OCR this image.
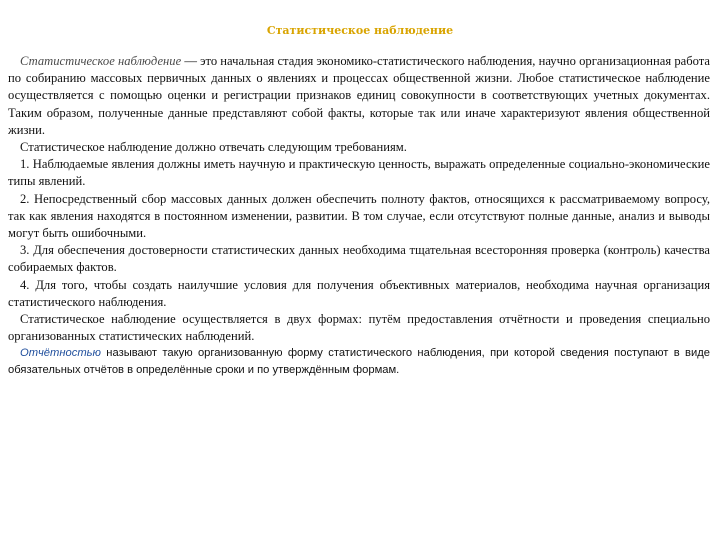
Статистическое наблюдение

Статистическое наблюдение — это начальная стадия экономико-статистического наблюдения, научно организационная работа по собиранию массовых первичных данных о явлениях и процессах общественной жизни. Любое статистическое наблюдение осуществляется с помощью оценки и регистрации признаков единиц совокупности в соответствующих учетных документах. Таким образом, полученные данные представляют собой факты, которые так или иначе характеризуют явления общественной жизни.

Статистическое наблюдение должно отвечать следующим требованиям.

1. Наблюдаемые явления должны иметь научную и практическую ценность, выражать определенные социально-экономические типы явлений.

2. Непосредственный сбор массовых данных должен обеспечить полноту фактов, относящихся к рассматриваемому вопросу, так как явления находятся в постоянном изменении, развитии. В том случае, если отсутствуют полные данные, анализ и выводы могут быть ошибочными.

3. Для обеспечения достоверности статистических данных необходима тщательная всесторонняя проверка (контроль) качества собираемых фактов.

4. Для того, чтобы создать наилучшие условия для получения объективных материалов, необходима научная организация статистического наблюдения.

Статистическое наблюдение осуществляется в двух формах: путём предоставления отчётности и проведения специально организованных статистических наблюдений.

Отчётностью называют такую организованную форму статистического наблюдения, при которой сведения поступают в виде обязательных отчётов в определённые сроки и по утверждённым формам.
